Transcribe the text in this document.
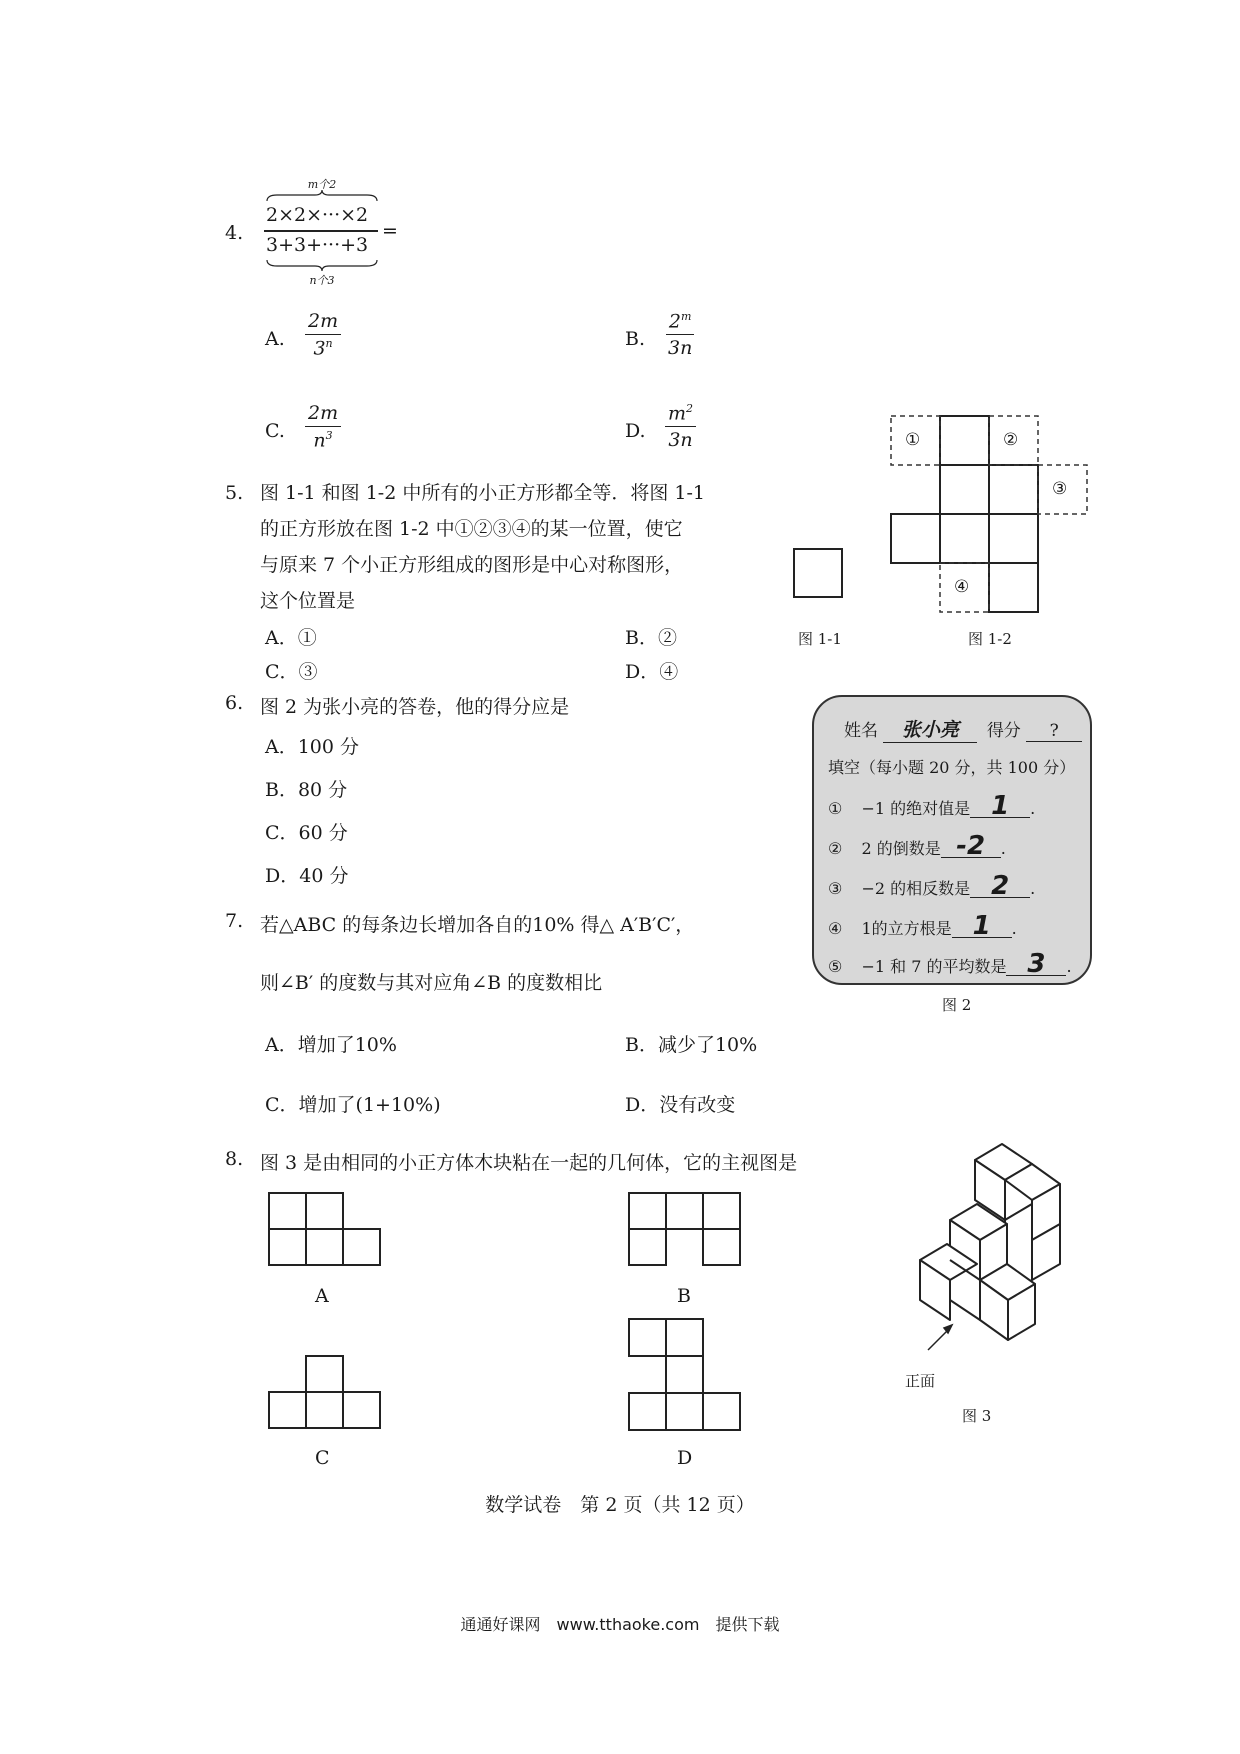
4.
m个2
2×2×···×2
3+3+···+3
n个3
=
A. $\frac{2m}{3^n}$	B. $\frac{2^m}{3n}$
C. $\frac{2m}{n^3}$	D. $\frac{m^2}{3n}$
5. 图 1-1 和图 1-2 中所有的小正方形都全等．将图 1-1
的正方形放在图 1-2 中①②③④的某一位置，使它
与原来 7 个小正方形组成的图形是中心对称图形，
这个位置是
A．①	B．②
C．③	D．④
图 1-1
①	②
③
④
图 1-2
6. 图 2 为张小亮的答卷，他的得分应是
A．100 分
B．80 分
C．60 分
D．40 分
姓名 张小亮 得分 ?
填空（每小题 20 分，共 100 分）
① −1 的绝对值是 1 .
② 2 的倒数是 -2 .
③ −2 的相反数是 2 .
④ 1的立方根是 1 .
⑤ −1 和 7 的平均数是 3 .
图 2
7. 若△ABC 的每条边长增加各自的10% 得△ A′B′C′，
则∠B′ 的度数与其对应角∠B 的度数相比
A．增加了10%	B．减少了10%
C．增加了(1+10%)	D．没有改变
8. 图 3 是由相同的小正方体木块粘在一起的几何体，它的主视图是
A	B
C	D
正面
图 3
数学试卷　第 2 页（共 12 页）
通通好课网　www.tthaoke.com　提供下载
